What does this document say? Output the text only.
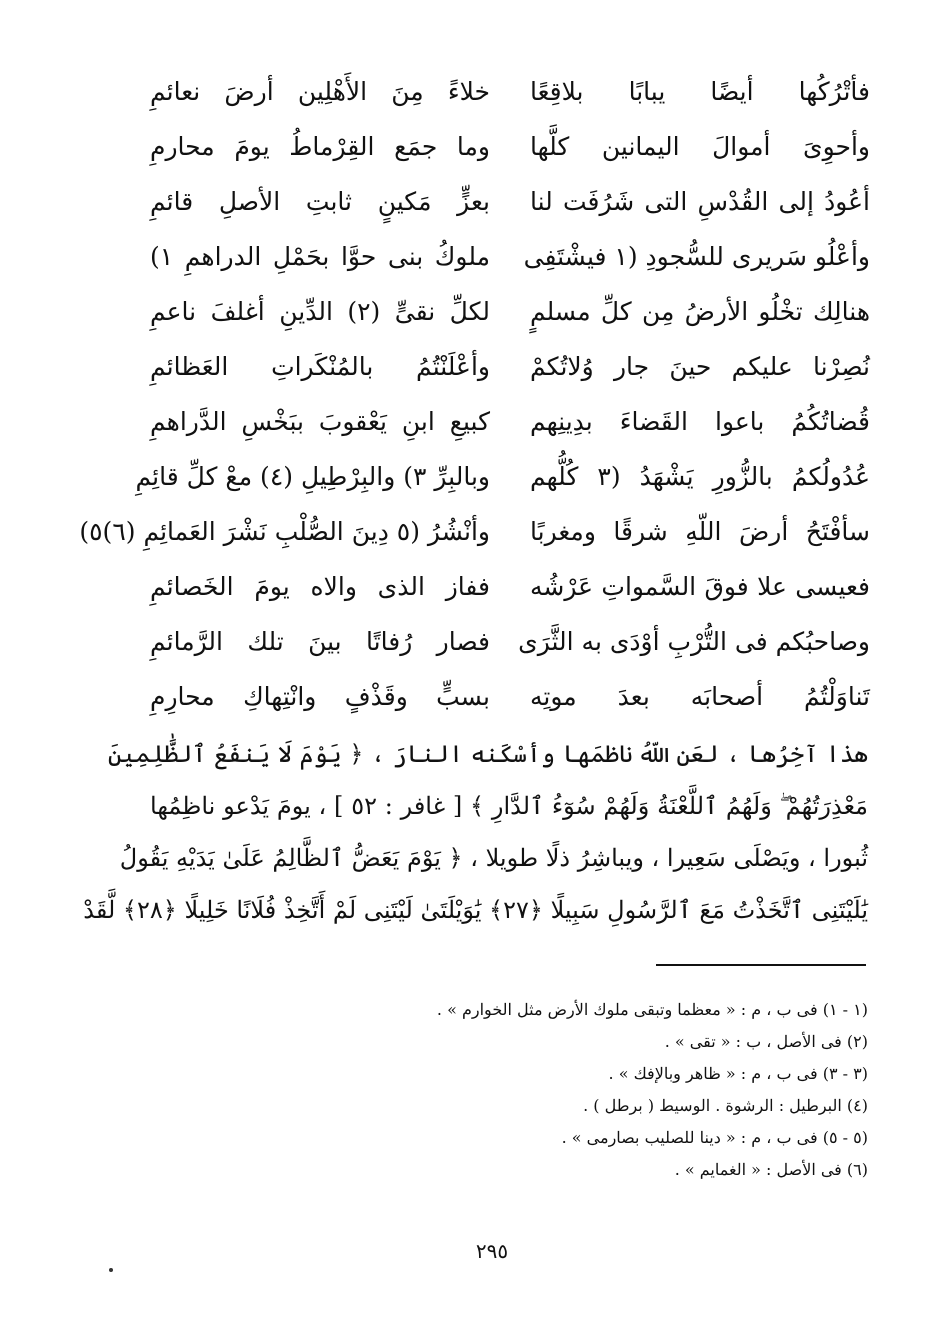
فأتْرُكُها أيضًا يبابًا بلاقِعًا
خلاءً مِنَ الأَهْلِين أرضَ نعائمِ
وأحوِىَ أموالَ اليمانين كلَّها
وما جمَع القِرْماطُ يومَ محارمِ
أعُودُ إلى القُدْسِ التى شَرُفَت لنا
بعزٍّ مَكينٍ ثابتِ الأصلِ قائمِ
وأعْلُو سَريرى للسُّجودِ (١ فيشْتَفِى
ملوكُ بنى حوَّا بحَمْلِ الدراهمِ ١)
هنالِك تخْلُو الأرضُ مِن كلِّ مسلمٍ
لكلِّ نقىٍّ (٢) الدِّينِ أغلفَ ناعمِ
نُصِرْنا عليكم حينَ جار وُلاتُكمْ
وأعْلَنْتُمُ بالمُنْكَراتِ العَظائمِ
قُضاتُكُمُ باعوا القَضاءَ بدِينِهم
كبيعِ ابنِ يَعْقوبَ ببَخْسِ الدَّراهمِ
عُدُولُكمُ بالزُّورِ يَشْهَدُ (٣ كُلُّهم
وبالبِرِّ ٣) والبِرْطِيلِ (٤) معْ كلِّ قائِمِ
سأفْتَحُ أرضَ اللّهِ شرقًا ومغربًا
وأنْشُرُ (٥ دِينَ الصُّلْبِ نَشْرَ العَمائِمِ (٦)٥)
فعيسى علا فوقَ السَّمواتِ عَرْشُه
ففاز الذى والاه يومَ الخَصائمِ
وصاحبُكم فى التُّرْبِ أوْدَى به الثَّرَى
فصار رُفاتًا بينَ تلك الرَّمائمِ
تَناوَلْتُمُ أصحابَه بعدَ موتِه
بسبٍّ وقَذْفٍ وانْتِهاكِ محارِمِ
هذا آخِرُها ، لعَن اللّهُ ناظمَها وأسْكَنه النارَ ، ﴿ يَوْمَ لَا يَنفَعُ ٱلظَّٰلِمِينَ
مَعْذِرَتُهُمْ ۖ وَلَهُمُ ٱللَّعْنَةُ وَلَهُمْ سُوٓءُ ٱلدَّارِ ﴾ [ غافر : ٥٢ ] ، يومَ يَدْعو ناظِمُها
ثُبورا ، ويَصْلَى سَعِيرا ، ويباشِرُ ذلًا طويلا ، ﴿ يَوْمَ يَعَضُّ ٱلظَّالِمُ عَلَىٰ يَدَيْهِ يَقُولُ
يَٰلَيْتَنِى ٱتَّخَذْتُ مَعَ ٱلرَّسُولِ سَبِيلًا ﴿٢٧﴾ يَٰوَيْلَتَىٰ لَيْتَنِى لَمْ أَتَّخِذْ فُلَانًا خَلِيلًا ﴿٢٨﴾ لَّقَدْ
(١ - ١) فى ب ، م : « معظما وتبقى ملوك الأرض مثل الخوارم » .
(٢) فى الأصل ، ب : « تقى » .
(٣ - ٣) فى ب ، م : « ظاهر وبالإفك » .
(٤) البرطيل : الرشوة . الوسيط ( برطل ) .
(٥ - ٥) فى ب ، م : « دينا للصليب بصارمى » .
(٦) فى الأصل : « الغمايم » .
٢٩٥
